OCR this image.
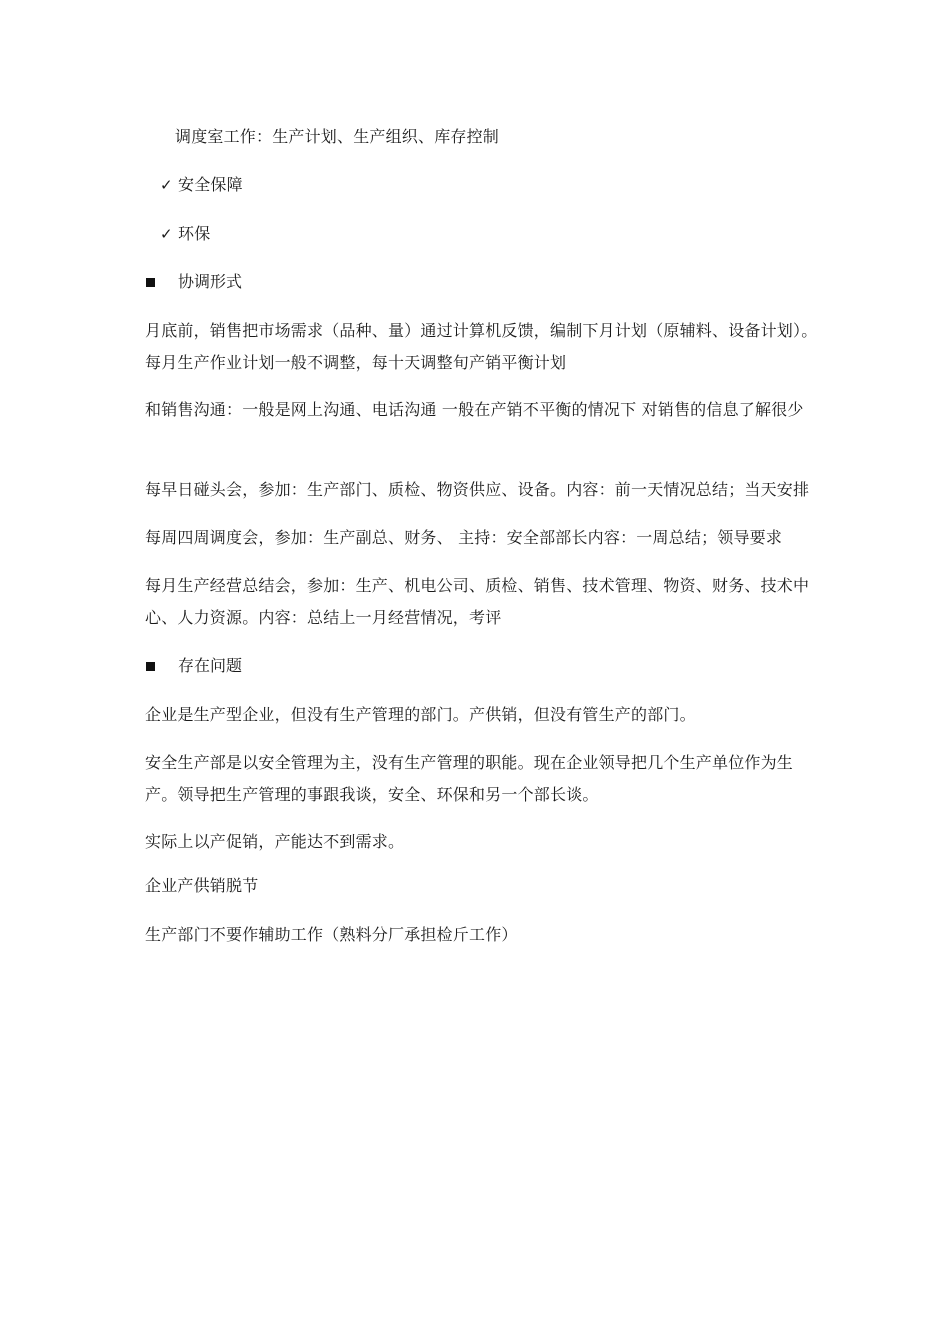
调度室工作：生产计划、生产组织、库存控制
✓ 安全保障
✓ 环保
协调形式
月底前，销售把市场需求（品种、量）通过计算机反馈，编制下月计划（原辅料、设备计划）。每月生产作业计划一般不调整，每十天调整旬产销平衡计划
和销售沟通：一般是网上沟通、电话沟通 一般在产销不平衡的情况下 对销售的信息了解很少
每早日碰头会，参加：生产部门、质检、物资供应、设备。内容：前一天情况总结；当天安排
每周四周调度会，参加：生产副总、财务、 主持：安全部部长内容：一周总结；领导要求
每月生产经营总结会，参加：生产、机电公司、质检、销售、技术管理、物资、财务、技术中心、人力资源。内容：总结上一月经营情况，考评
存在问题
企业是生产型企业，但没有生产管理的部门。产供销，但没有管生产的部门。
安全生产部是以安全管理为主，没有生产管理的职能。现在企业领导把几个生产单位作为生产。领导把生产管理的事跟我谈，安全、环保和另一个部长谈。
实际上以产促销，产能达不到需求。
企业产供销脱节
生产部门不要作辅助工作（熟料分厂承担检斤工作）
